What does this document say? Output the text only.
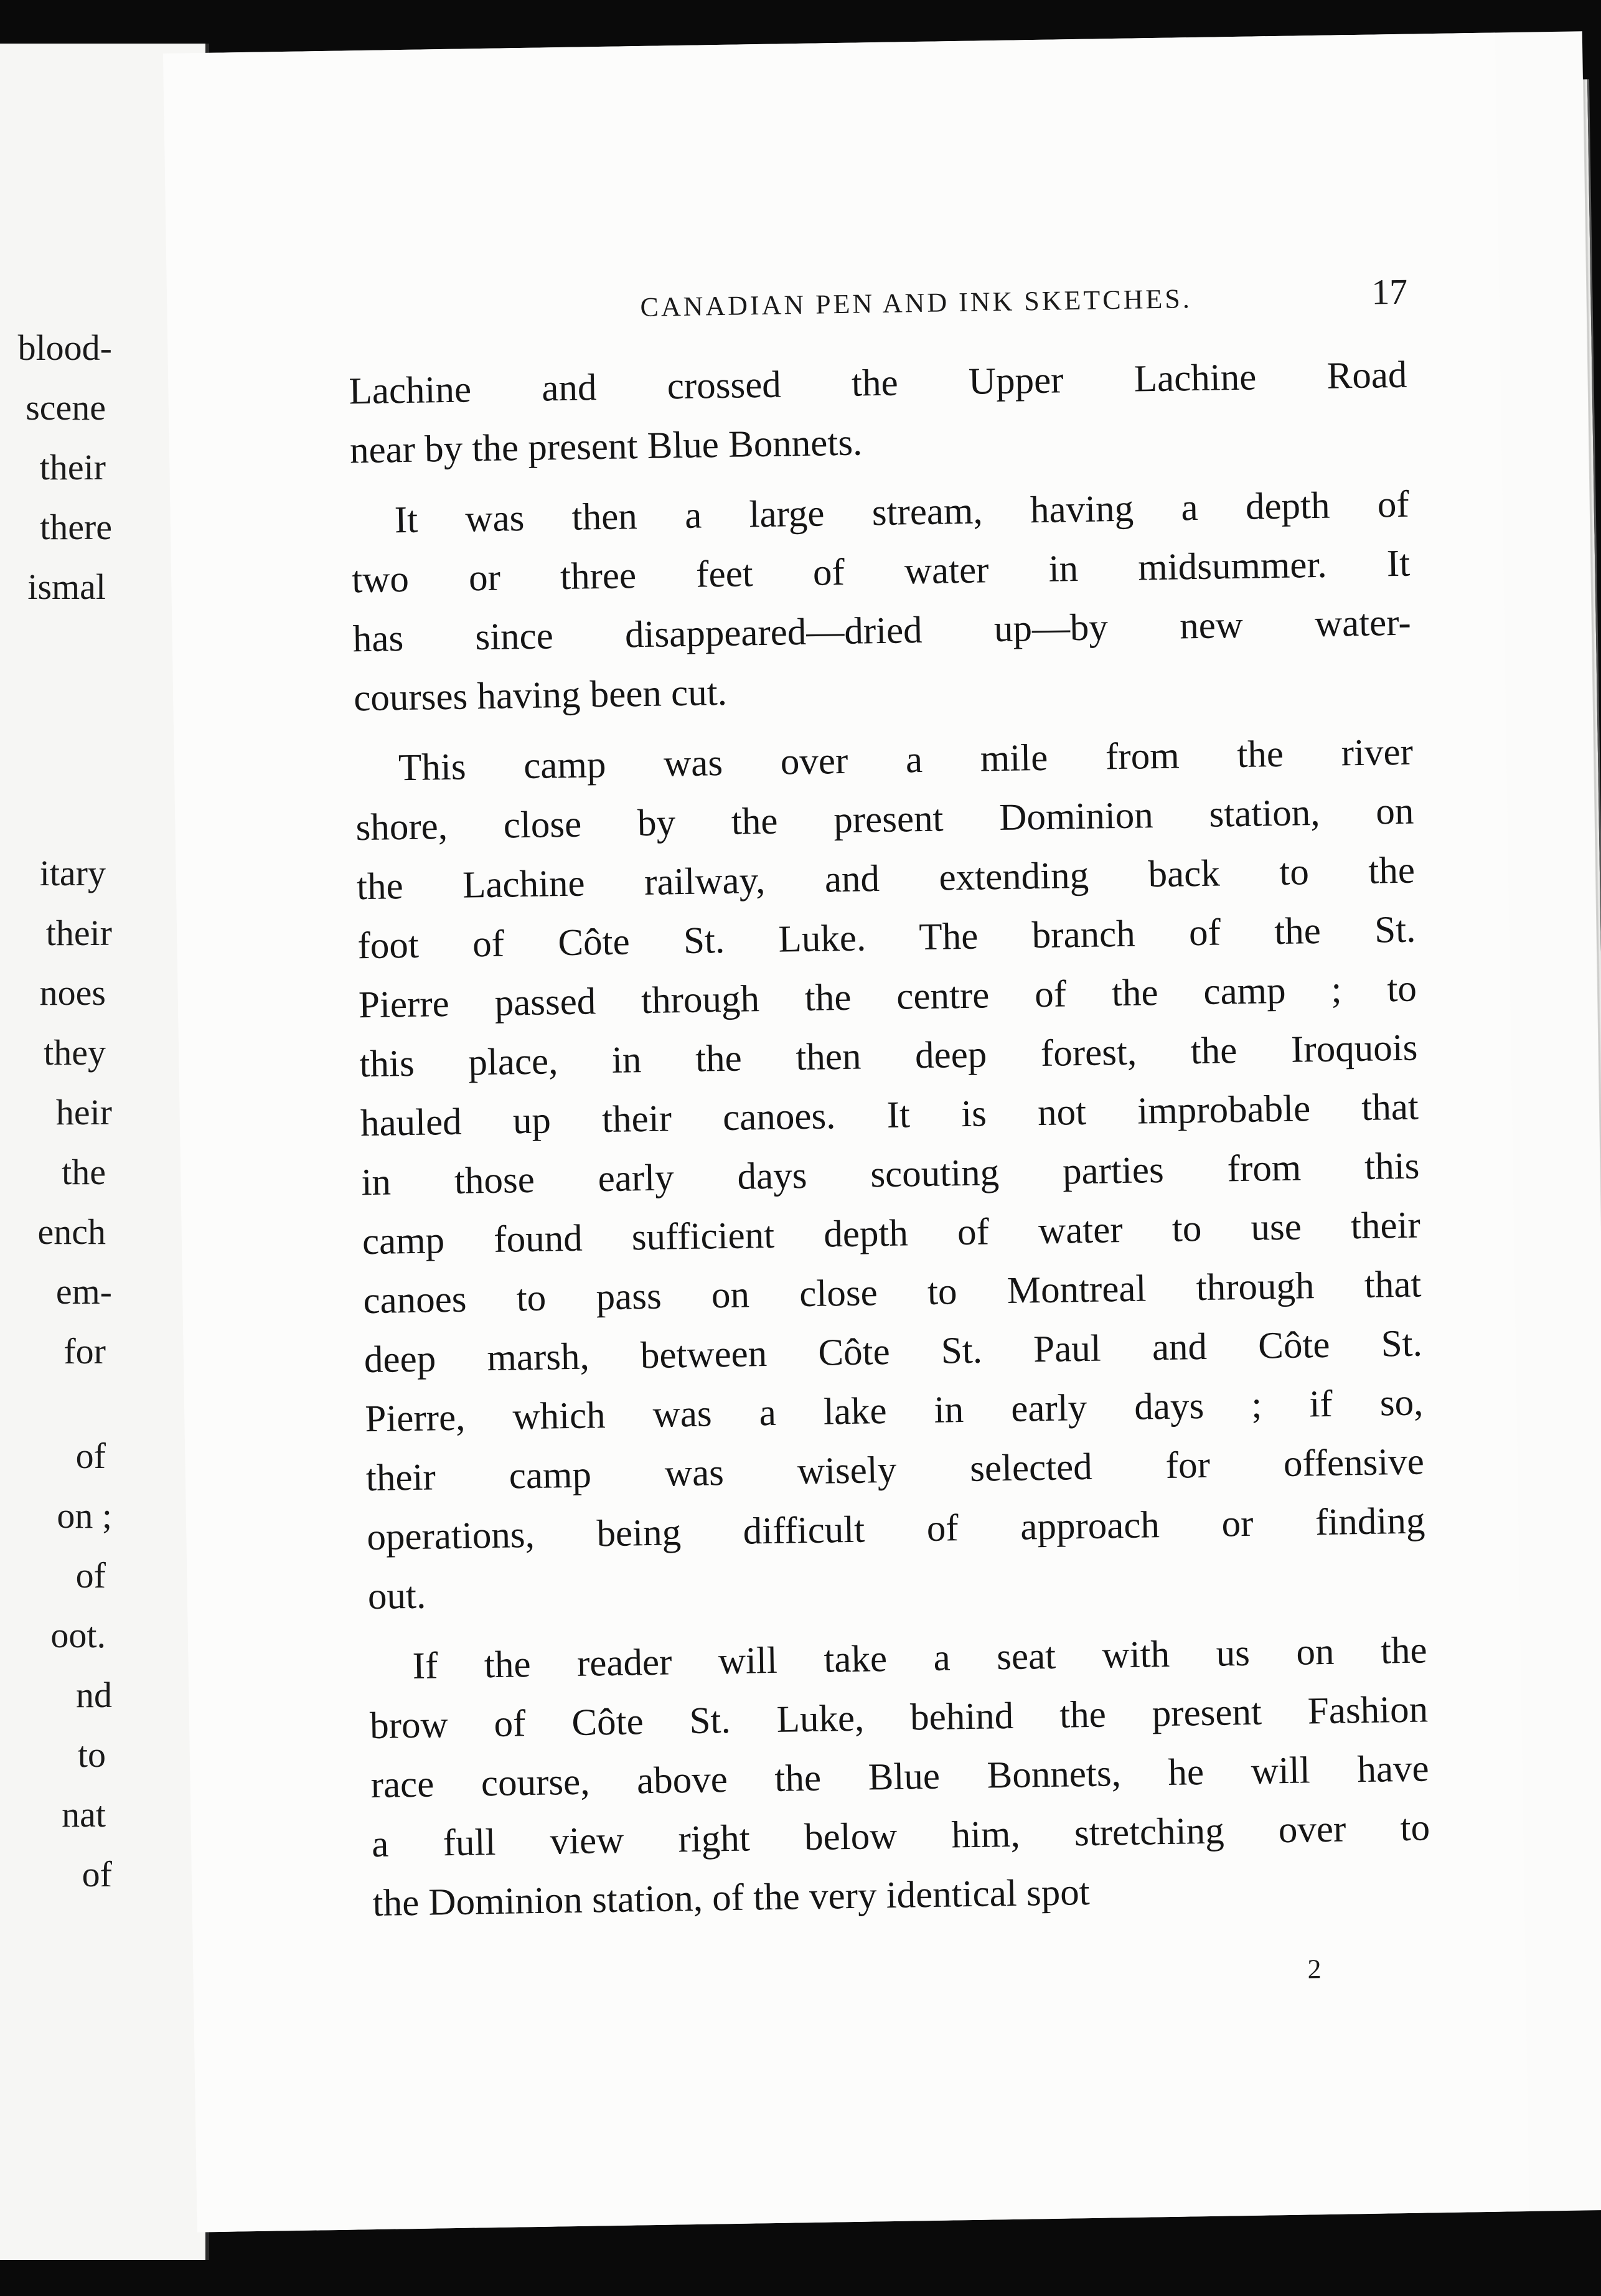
blood-
scene
their
there
ismal
itary
their
noes
they
heir
the
ench
em-
for
of
on ;
of
oot.
nd
to
nat
of
CANADIAN PEN AND INK SKETCHES.	17
Lachine and crossed the Upper Lachine Road
near by the present Blue Bonnets.
It was then a large stream, having a depth of
two or three feet of water in midsummer. It
has since disappeared—dried up—by new water-
courses having been cut.
This camp was over a mile from the river
shore, close by the present Dominion station, on
the Lachine railway, and extending back to the
foot of Côte St. Luke. The branch of the St.
Pierre passed through the centre of the camp ; to
this place, in the then deep forest, the Iroquois
hauled up their canoes. It is not improbable that
in those early days scouting parties from this
camp found sufficient depth of water to use their
canoes to pass on close to Montreal through that
deep marsh, between Côte St. Paul and Côte St.
Pierre, which was a lake in early days ; if so,
their camp was wisely selected for offensive
operations, being difficult of approach or finding
out.
If the reader will take a seat with us on the
brow of Côte St. Luke, behind the present Fashion
race course, above the Blue Bonnets, he will have
a full view right below him, stretching over to
the Dominion station, of the very identical spot
2
